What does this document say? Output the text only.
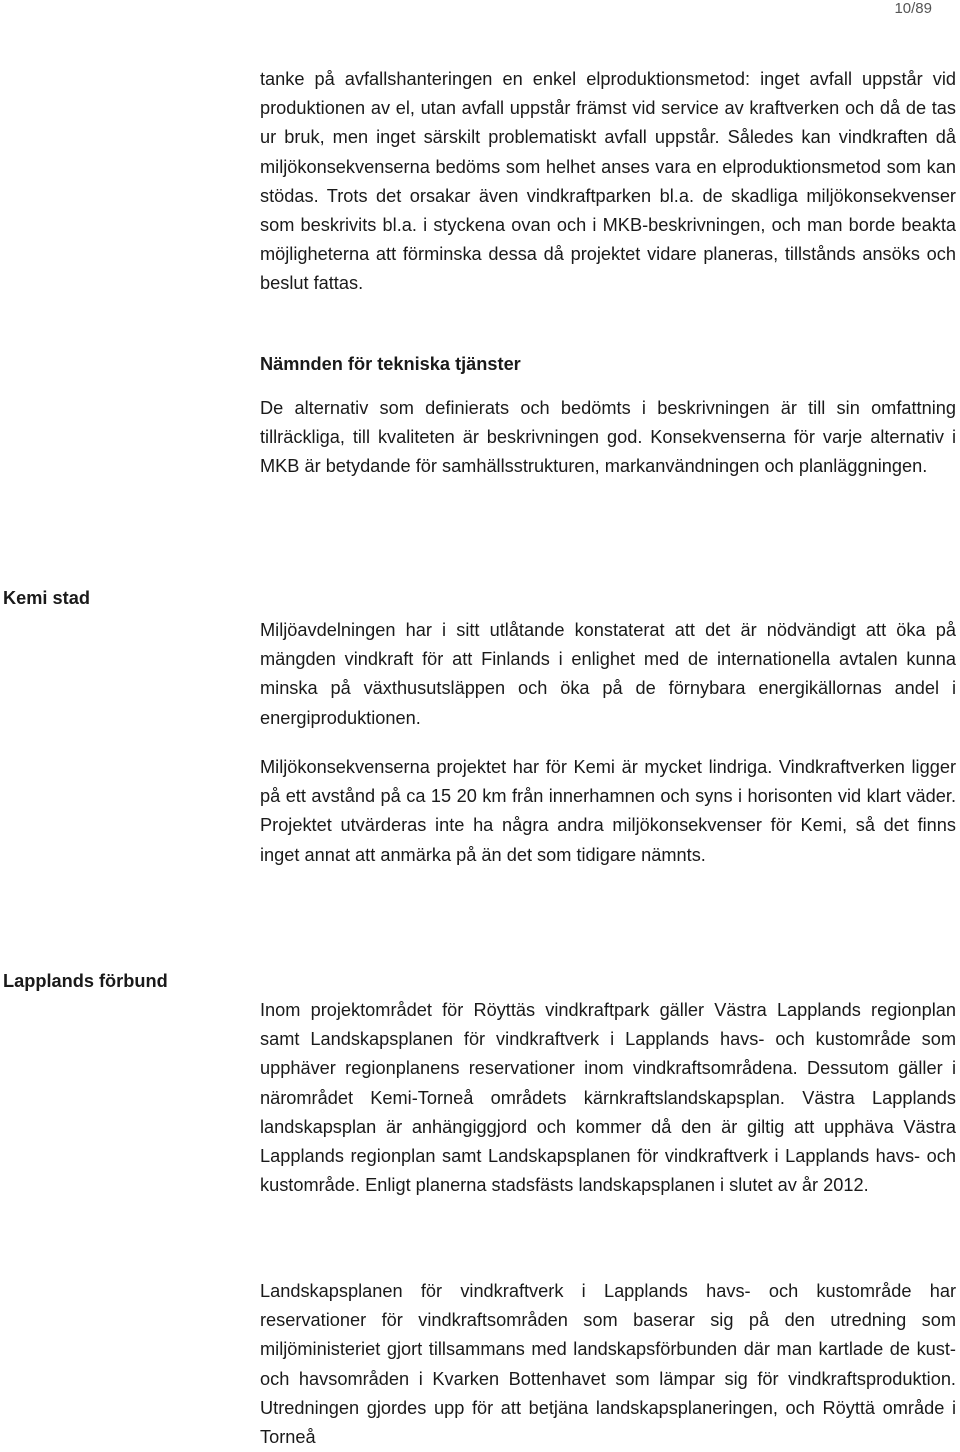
10/89

tanke på avfallshanteringen en enkel elproduktionsmetod: inget avfall uppstår vid produktionen av el, utan avfall uppstår främst vid service av kraftverken och då de tas ur bruk, men inget särskilt problematiskt avfall uppstår. Således kan vindkraften då miljökonsekvenserna bedöms som helhet anses vara en elproduktionsmetod som kan stödas. Trots det orsakar även vindkraftparken bl.a. de skadliga miljökonsekvenser som beskrivits bl.a. i styckena ovan och i MKB-beskrivningen, och man borde beakta möjligheterna att förminska dessa då projektet vidare planeras, tillstånds ansöks och beslut fattas.

Nämnden för tekniska tjänster

De alternativ som definierats och bedömts i beskrivningen är till sin omfattning tillräckliga, till kvaliteten är beskrivningen god. Konsekvenserna för varje alternativ i MKB är betydande för samhällsstrukturen, markanvändningen och planläggningen.

Kemi stad

Miljöavdelningen har i sitt utlåtande konstaterat att det är nödvändigt att öka på mängden vindkraft för att Finlands i enlighet med de internationella avtalen kunna minska på växthusutsläppen och öka på de förnybara energikällornas andel i energiproduktionen.

Miljökonsekvenserna projektet har för Kemi är mycket lindriga. Vindkraftverken ligger på ett avstånd på ca 15 20 km från innerhamnen och syns i horisonten vid klart väder. Projektet utvärderas inte ha några andra miljökonsekvenser för Kemi, så det finns inget annat att anmärka på än det som tidigare nämnts.

Lapplands förbund

Inom projektområdet för Röyttäs vindkraftpark gäller Västra Lapplands regionplan samt Landskapsplanen för vindkraftverk i Lapplands havs- och kustområde som upphäver regionplanens reservationer inom vindkraftsområdena. Dessutom gäller i närområdet Kemi-Torneå områdets kärnkraftslandskapsplan. Västra Lapplands landskapsplan är anhängiggjord och kommer då den är giltig att upphäva Västra Lapplands regionplan samt Landskapsplanen för vindkraftverk i Lapplands havs- och kustområde. Enligt planerna stadsfästs landskapsplanen i slutet av år 2012.

Landskapsplanen för vindkraftverk i Lapplands havs- och kustområde har reservationer för vindkraftsområden som baserar sig på den utredning som miljöministeriet gjort tillsammans med landskapsförbunden där man kartlade de kust- och havsområden i Kvarken Bottenhavet som lämpar sig för vindkraftsproduktion. Utredningen gjordes upp för att betjäna landskapsplaneringen, och Röyttä område i Torneå
